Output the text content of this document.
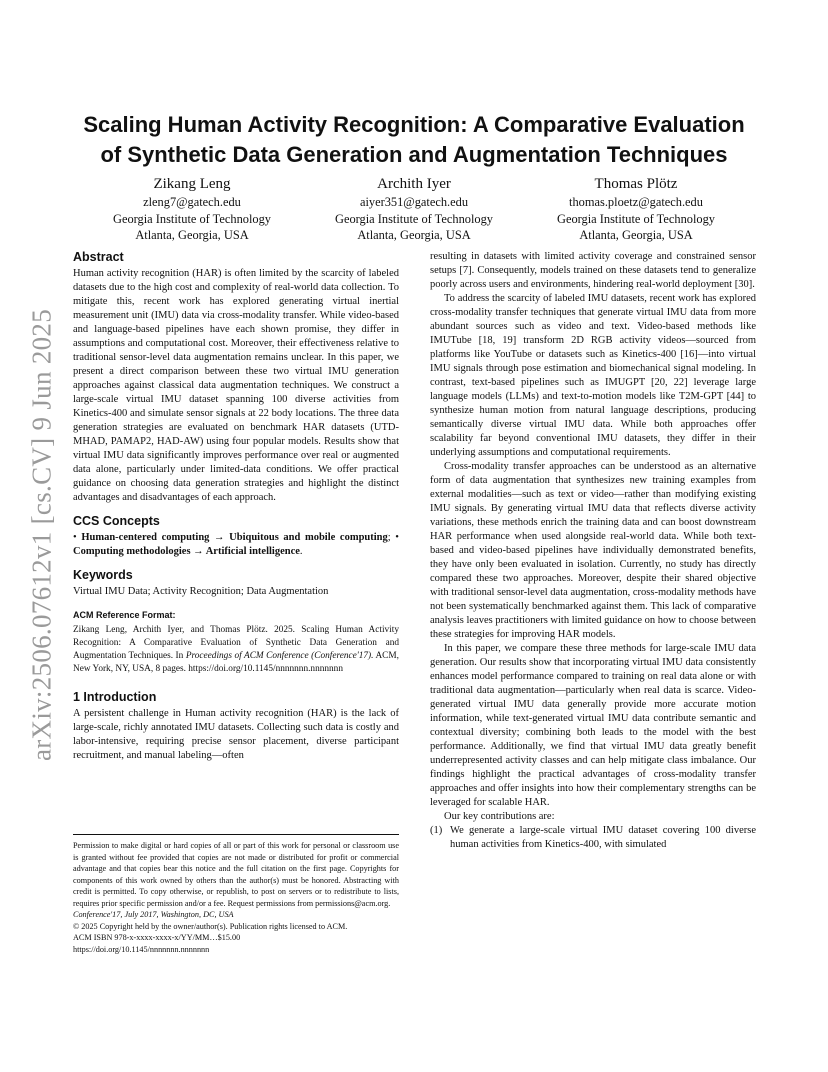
arXiv:2506.07612v1 [cs.CV] 9 Jun 2025
Scaling Human Activity Recognition: A Comparative Evaluation
of Synthetic Data Generation and Augmentation Techniques
Zikang Leng
zleng7@gatech.edu
Georgia Institute of Technology
Atlanta, Georgia, USA
Archith Iyer
aiyer351@gatech.edu
Georgia Institute of Technology
Atlanta, Georgia, USA
Thomas Plötz
thomas.ploetz@gatech.edu
Georgia Institute of Technology
Atlanta, Georgia, USA
Abstract

Human activity recognition (HAR) is often limited by the scarcity of labeled datasets due to the high cost and complexity of real-world data collection. To mitigate this, recent work has explored generating virtual inertial measurement unit (IMU) data via cross-modality transfer. While video-based and language-based pipelines have each shown promise, they differ in assumptions and computational cost. Moreover, their effectiveness relative to traditional sensor-level data augmentation remains unclear. In this paper, we present a direct comparison between these two virtual IMU generation approaches against classical data augmentation techniques. We construct a large-scale virtual IMU dataset spanning 100 diverse activities from Kinetics-400 and simulate sensor signals at 22 body locations. The three data generation strategies are evaluated on benchmark HAR datasets (UTD-MHAD, PAMAP2, HAD-AW) using four popular models. Results show that virtual IMU data significantly improves performance over real or augmented data alone, particularly under limited-data conditions. We offer practical guidance on choosing data generation strategies and highlight the distinct advantages and disadvantages of each approach.

CCS Concepts

• Human-centered computing → Ubiquitous and mobile computing; • Computing methodologies → Artificial intelligence.

Keywords

Virtual IMU Data; Activity Recognition; Data Augmentation

ACM Reference Format:

Zikang Leng, Archith Iyer, and Thomas Plötz. 2025. Scaling Human Activity Recognition: A Comparative Evaluation of Synthetic Data Generation and Augmentation Techniques. In Proceedings of ACM Conference (Conference'17). ACM, New York, NY, USA, 8 pages. https://doi.org/10.1145/nnnnnnn.nnnnnnn

1 Introduction

A persistent challenge in Human activity recognition (HAR) is the lack of large-scale, richly annotated IMU datasets. Collecting such data is costly and labor-intensive, requiring precise sensor placement, diverse participant recruitment, and manual labeling—often

Permission to make digital or hard copies of all or part of this work for personal or classroom use is granted without fee provided that copies are not made or distributed for profit or commercial advantage and that copies bear this notice and the full citation on the first page. Copyrights for components of this work owned by others than the author(s) must be honored. Abstracting with credit is permitted. To copy otherwise, or republish, to post on servers or to redistribute to lists, requires prior specific permission and/or a fee. Request permissions from permissions@acm.org.

Conference'17, July 2017, Washington, DC, USA

© 2025 Copyright held by the owner/author(s). Publication rights licensed to ACM.

ACM ISBN 978-x-xxxx-xxxx-x/YY/MM…$15.00

https://doi.org/10.1145/nnnnnnn.nnnnnnn

resulting in datasets with limited activity coverage and constrained sensor setups [7]. Consequently, models trained on these datasets tend to generalize poorly across users and environments, hindering real-world deployment [30].

To address the scarcity of labeled IMU datasets, recent work has explored cross-modality transfer techniques that generate virtual IMU data from more abundant sources such as video and text. Video-based methods like IMUTube [18, 19] transform 2D RGB activity videos—sourced from platforms like YouTube or datasets such as Kinetics-400 [16]—into virtual IMU signals through pose estimation and biomechanical signal modeling. In contrast, text-based pipelines such as IMUGPT [20, 22] leverage large language models (LLMs) and text-to-motion models like T2M-GPT [44] to synthesize human motion from natural language descriptions, producing semantically diverse virtual IMU data. While both approaches offer scalability far beyond conventional IMU datasets, they differ in their underlying assumptions and computational requirements.

Cross-modality transfer approaches can be understood as an alternative form of data augmentation that synthesizes new training examples from external modalities—such as text or video—rather than modifying existing IMU signals. By generating virtual IMU data that reflects diverse activity variations, these methods enrich the training data and can boost downstream HAR performance when used alongside real-world data. While both text-based and video-based pipelines have individually demonstrated benefits, they have only been evaluated in isolation. Currently, no study has directly compared these two approaches. Moreover, despite their shared objective with traditional sensor-level data augmentation, cross-modality methods have not been systematically benchmarked against them. This lack of comparative analysis leaves practitioners with limited guidance on how to choose between these strategies for improving HAR models.

In this paper, we compare these three methods for large-scale IMU data generation. Our results show that incorporating virtual IMU data consistently enhances model performance compared to training on real data alone or with traditional data augmentation—particularly when real data is scarce. Video-generated virtual IMU data generally provide more accurate motion information, while text-generated virtual IMU data contribute semantic and contextual diversity; combining both leads to the model with the best performance. Additionally, we find that virtual IMU data greatly benefit underrepresented activity classes and can help mitigate class imbalance. Our findings highlight the practical advantages of cross-modality transfer approaches and offer insights into how their complementary strengths can be leveraged for scalable HAR.

Our key contributions are:

(1) We generate a large-scale virtual IMU dataset covering 100 diverse human activities from Kinetics-400, with simulated
